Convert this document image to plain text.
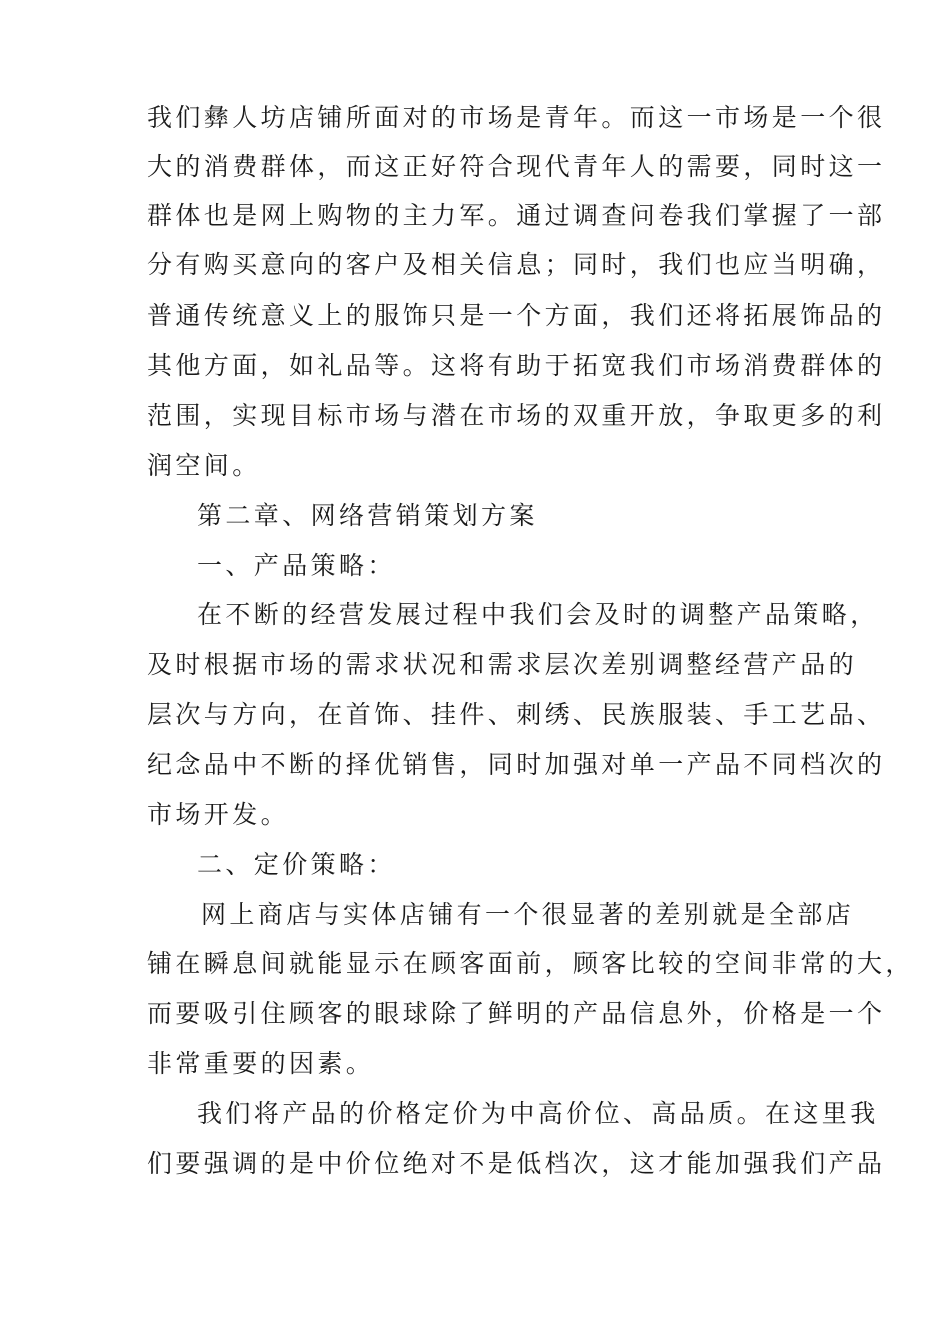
我们彝人坊店铺所面对的市场是青年。而这一市场是一个很
大的消费群体，而这正好符合现代青年人的需要，同时这一
群体也是网上购物的主力军。通过调查问卷我们掌握了一部
分有购买意向的客户及相关信息；同时，我们也应当明确，
普通传统意义上的服饰只是一个方面，我们还将拓展饰品的
其他方面，如礼品等。这将有助于拓宽我们市场消费群体的
范围，实现目标市场与潜在市场的双重开放，争取更多的利
润空间。
第二章、网络营销策划方案
一、产品策略：
在不断的经营发展过程中我们会及时的调整产品策略，
及时根据市场的需求状况和需求层次差别调整经营产品的
层次与方向，在首饰、挂件、刺绣、民族服装、手工艺品、
纪念品中不断的择优销售，同时加强对单一产品不同档次的
市场开发。
二、定价策略：
网上商店与实体店铺有一个很显著的差别就是全部店
铺在瞬息间就能显示在顾客面前，顾客比较的空间非常的大，
而要吸引住顾客的眼球除了鲜明的产品信息外，价格是一个
非常重要的因素。
我们将产品的价格定价为中高价位、高品质。在这里我
们要强调的是中价位绝对不是低档次，这才能加强我们产品
